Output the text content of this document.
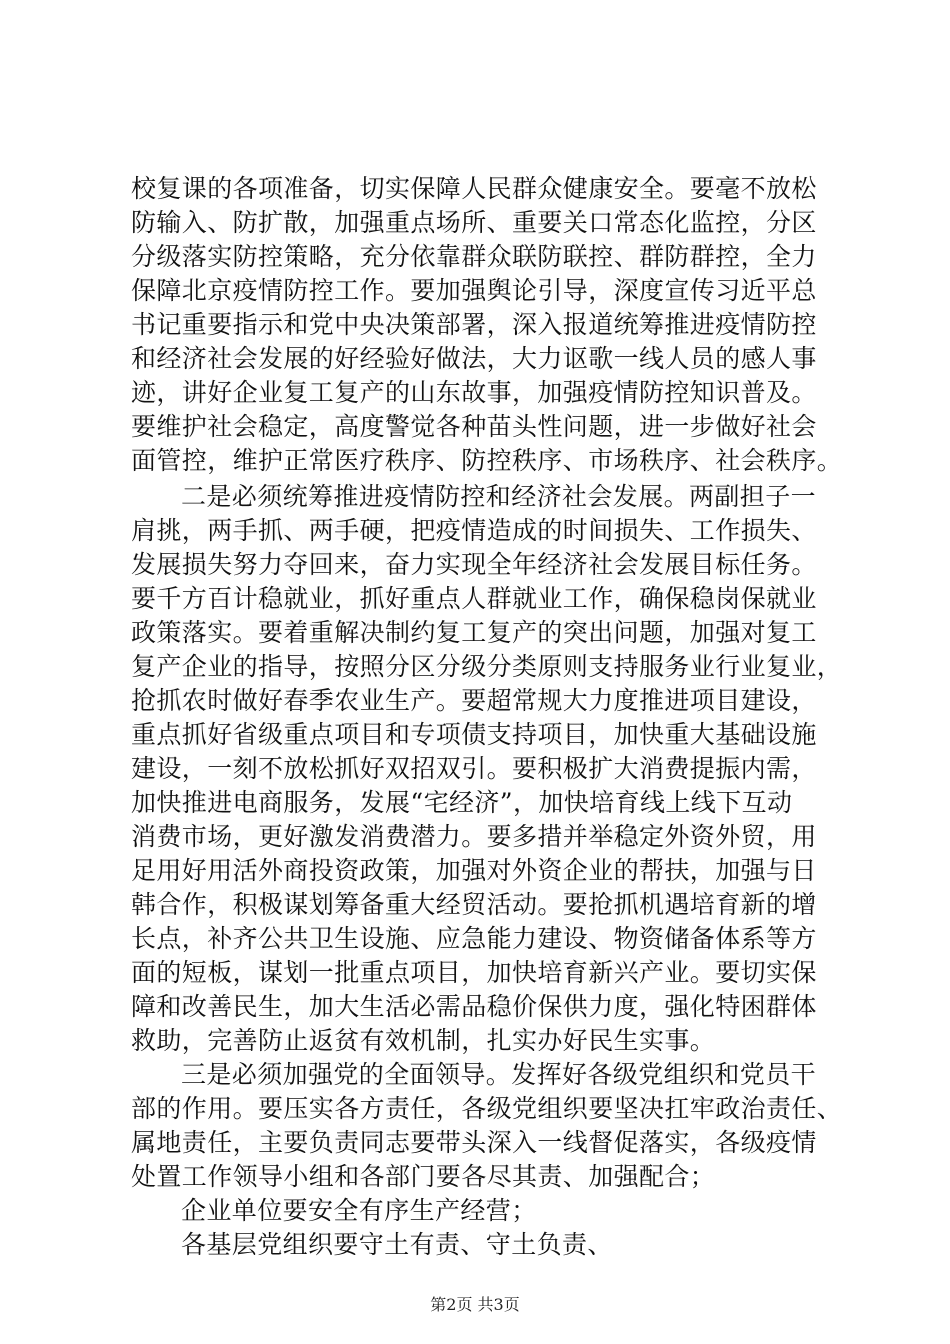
校复课的各项准备，切实保障人民群众健康安全。要毫不放松
防输入、防扩散，加强重点场所、重要关口常态化监控，分区
分级落实防控策略，充分依靠群众联防联控、群防群控，全力
保障北京疫情防控工作。要加强舆论引导，深度宣传习近平总
书记重要指示和党中央决策部署，深入报道统筹推进疫情防控
和经济社会发展的好经验好做法，大力讴歌一线人员的感人事
迹，讲好企业复工复产的山东故事，加强疫情防控知识普及。
要维护社会稳定，高度警觉各种苗头性问题，进一步做好社会
面管控，维护正常医疗秩序、防控秩序、市场秩序、社会秩序。
二是必须统筹推进疫情防控和经济社会发展。两副担子一
肩挑，两手抓、两手硬，把疫情造成的时间损失、工作损失、
发展损失努力夺回来，奋力实现全年经济社会发展目标任务。
要千方百计稳就业，抓好重点人群就业工作，确保稳岗保就业
政策落实。要着重解决制约复工复产的突出问题，加强对复工
复产企业的指导，按照分区分级分类原则支持服务业行业复业，
抢抓农时做好春季农业生产。要超常规大力度推进项目建设，
重点抓好省级重点项目和专项债支持项目，加快重大基础设施
建设，一刻不放松抓好双招双引。要积极扩大消费提振内需，
加快推进电商服务，发展“宅经济”，加快培育线上线下互动
消费市场，更好激发消费潜力。要多措并举稳定外资外贸，用
足用好用活外商投资政策，加强对外资企业的帮扶，加强与日
韩合作，积极谋划筹备重大经贸活动。要抢抓机遇培育新的增
长点，补齐公共卫生设施、应急能力建设、物资储备体系等方
面的短板，谋划一批重点项目，加快培育新兴产业。要切实保
障和改善民生，加大生活必需品稳价保供力度，强化特困群体
救助，完善防止返贫有效机制，扎实办好民生实事。
三是必须加强党的全面领导。发挥好各级党组织和党员干
部的作用。要压实各方责任，各级党组织要坚决扛牢政治责任、
属地责任，主要负责同志要带头深入一线督促落实，各级疫情
处置工作领导小组和各部门要各尽其责、加强配合；
企业单位要安全有序生产经营；
各基层党组织要守土有责、守土负责、
第2页 共3页
